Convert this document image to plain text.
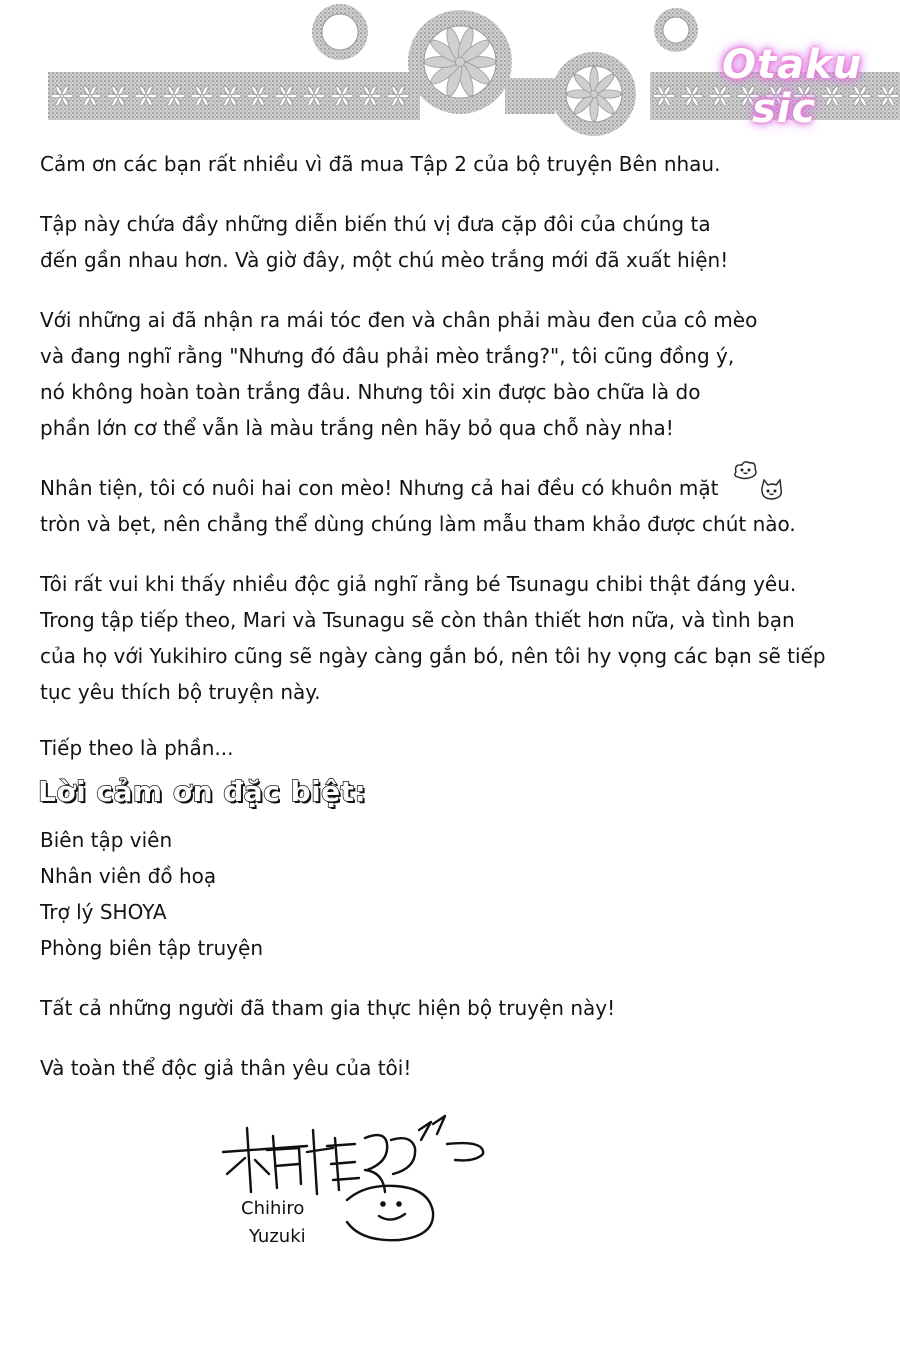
Otaku
sic

Cảm ơn các bạn rất nhiều vì đã mua Tập 2 của bộ truyện Bên nhau.

Tập này chứa đầy những diễn biến thú vị đưa cặp đôi của chúng ta

đến gần nhau hơn. Và giờ đây, một chú mèo trắng mới đã xuất hiện!

Với những ai đã nhận ra mái tóc đen và chân phải màu đen của cô mèo

và đang nghĩ rằng "Nhưng đó đâu phải mèo trắng?", tôi cũng đồng ý,

nó không hoàn toàn trắng đâu. Nhưng tôi xin được bào chữa là do

phần lớn cơ thể vẫn là màu trắng nên hãy bỏ qua chỗ này nha!

Nhân tiện, tôi có nuôi hai con mèo! Nhưng cả hai đều có khuôn mặt

tròn và bẹt, nên chẳng thể dùng chúng làm mẫu tham khảo được chút nào.

Tôi rất vui khi thấy nhiều độc giả nghĩ rằng bé Tsunagu chibi thật đáng yêu.

Trong tập tiếp theo, Mari và Tsunagu sẽ còn thân thiết hơn nữa, và tình bạn

của họ với Yukihiro cũng sẽ ngày càng gắn bó, nên tôi hy vọng các bạn sẽ tiếp

tục yêu thích bộ truyện này.

Tiếp theo là phần...

Lời cảm ơn đặc biệt:

Biên tập viên

Nhân viên đồ hoạ

Trợ lý SHOYA

Phòng biên tập truyện

Tất cả những người đã tham gia thực hiện bộ truyện này!

Và toàn thể độc giả thân yêu của tôi!

Chihiro
Yuzuki
